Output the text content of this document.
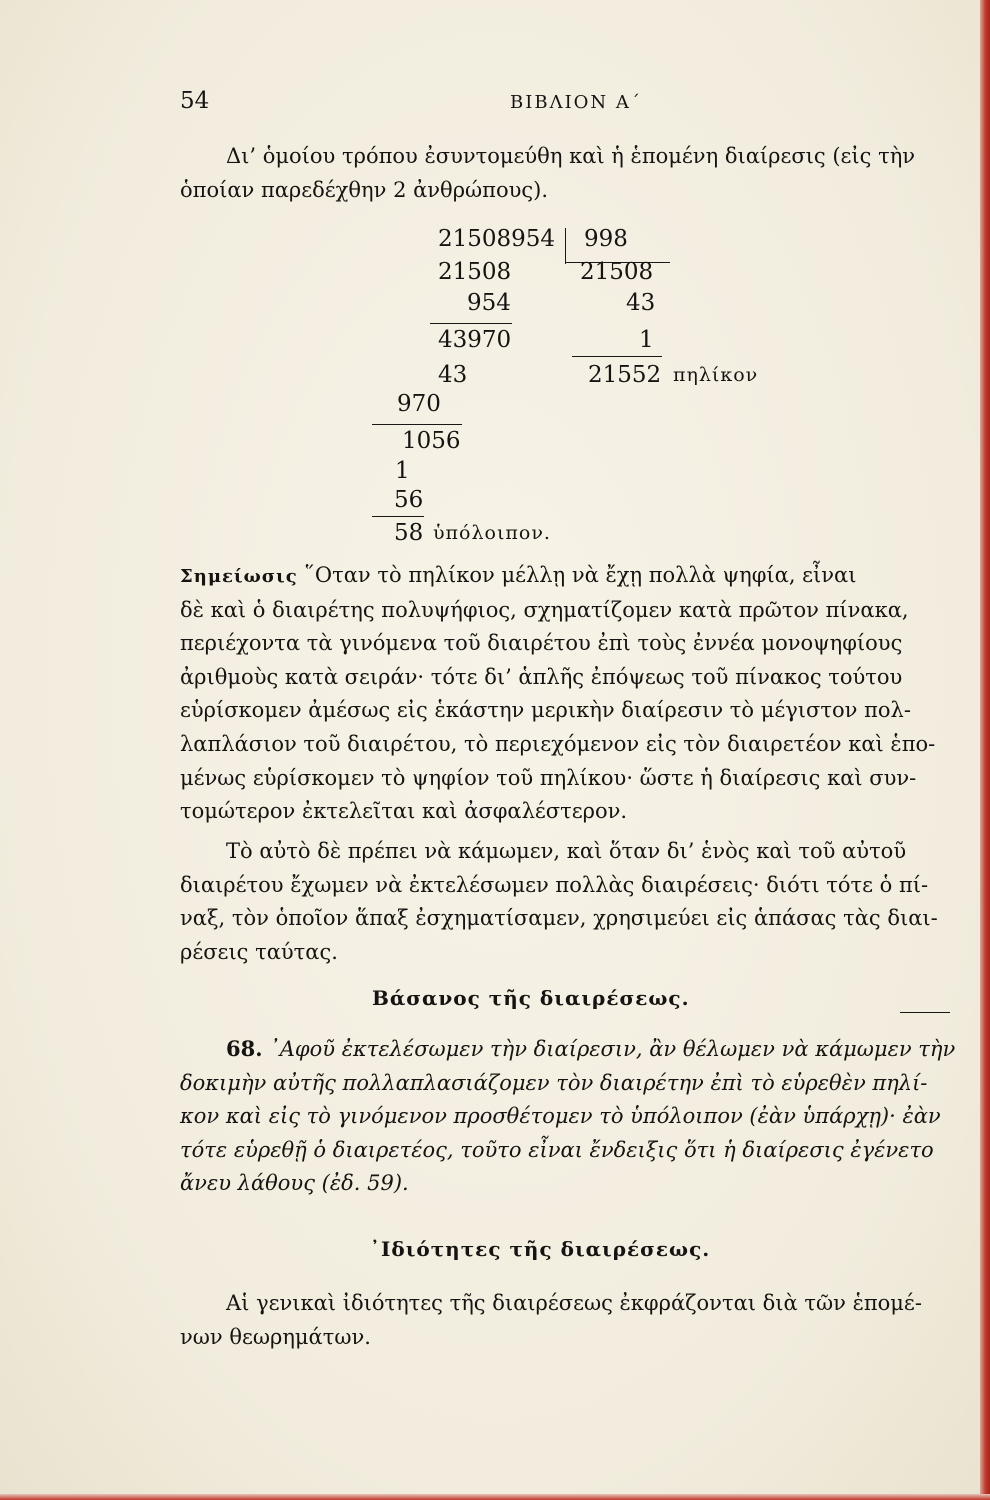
54	ΒΙΒΛΙΟΝ Α΄
Δι’ ὁμοίου τρόπου ἐσυντομεύθη καὶ ἡ ἑπομένη διαίρεσις (εἰς τὴν
ὁποίαν παρεδέχθην 2 ἀνθρώπους).
21508954 998
21508
954
43970
43
970
1056
1
56
58 ὑπόλοιπον.
21508
43
1
21552 πηλίκον
Σημείωσις ῞Οταν τὸ πηλίκον μέλλῃ νὰ ἔχῃ πολλὰ ψηφία, εἶναι
δὲ καὶ ὁ διαιρέτης πολυψήφιος, σχηματίζομεν κατὰ πρῶτον πίνακα,
περιέχοντα τὰ γινόμενα τοῦ διαιρέτου ἐπὶ τοὺς ἐννέα μονοψηφίους
ἀριθμοὺς κατὰ σειράν· τότε δι’ ἁπλῆς ἐπόψεως τοῦ πίνακος τούτου
εὑρίσκομεν ἀμέσως εἰς ἑκάστην μερικὴν διαίρεσιν τὸ μέγιστον πολ-
λαπλάσιον τοῦ διαιρέτου, τὸ περιεχόμενον εἰς τὸν διαιρετέον καὶ ἑπο-
μένως εὑρίσκομεν τὸ ψηφίον τοῦ πηλίκου· ὥστε ἡ διαίρεσις καὶ συν-
τομώτερον ἐκτελεῖται καὶ ἀσφαλέστερον.
Τὸ αὐτὸ δὲ πρέπει νὰ κάμωμεν, καὶ ὅταν δι’ ἑνὸς καὶ τοῦ αὐτοῦ
διαιρέτου ἔχωμεν νὰ ἐκτελέσωμεν πολλὰς διαιρέσεις· διότι τότε ὁ πί-
ναξ, τὸν ὁποῖον ἅπαξ ἐσχηματίσαμεν, χρησιμεύει εἰς ἁπάσας τὰς διαι-
ρέσεις ταύτας.
Βάσανος τῆς διαιρέσεως.
68. ᾿Αφοῦ ἐκτελέσωμεν τὴν διαίρεσιν, ἂν θέλωμεν νὰ κάμωμεν τὴν
δοκιμὴν αὐτῆς πολλαπλασιάζομεν τὸν διαιρέτην ἐπὶ τὸ εὑρεθὲν πηλί-
κον καὶ εἰς τὸ γινόμενον προσθέτομεν τὸ ὑπόλοιπον (ἐὰν ὑπάρχῃ)· ἐὰν
τότε εὑρεθῇ ὁ διαιρετέος, τοῦτο εἶναι ἔνδειξις ὅτι ἡ διαίρεσις ἐγένετο
ἄνευ λάθους (ἐδ. 59).
᾿Ιδιότητες τῆς διαιρέσεως.
Αἱ γενικαὶ ἰδιότητες τῆς διαιρέσεως ἐκφράζονται διὰ τῶν ἑπομέ-
νων θεωρημάτων.
